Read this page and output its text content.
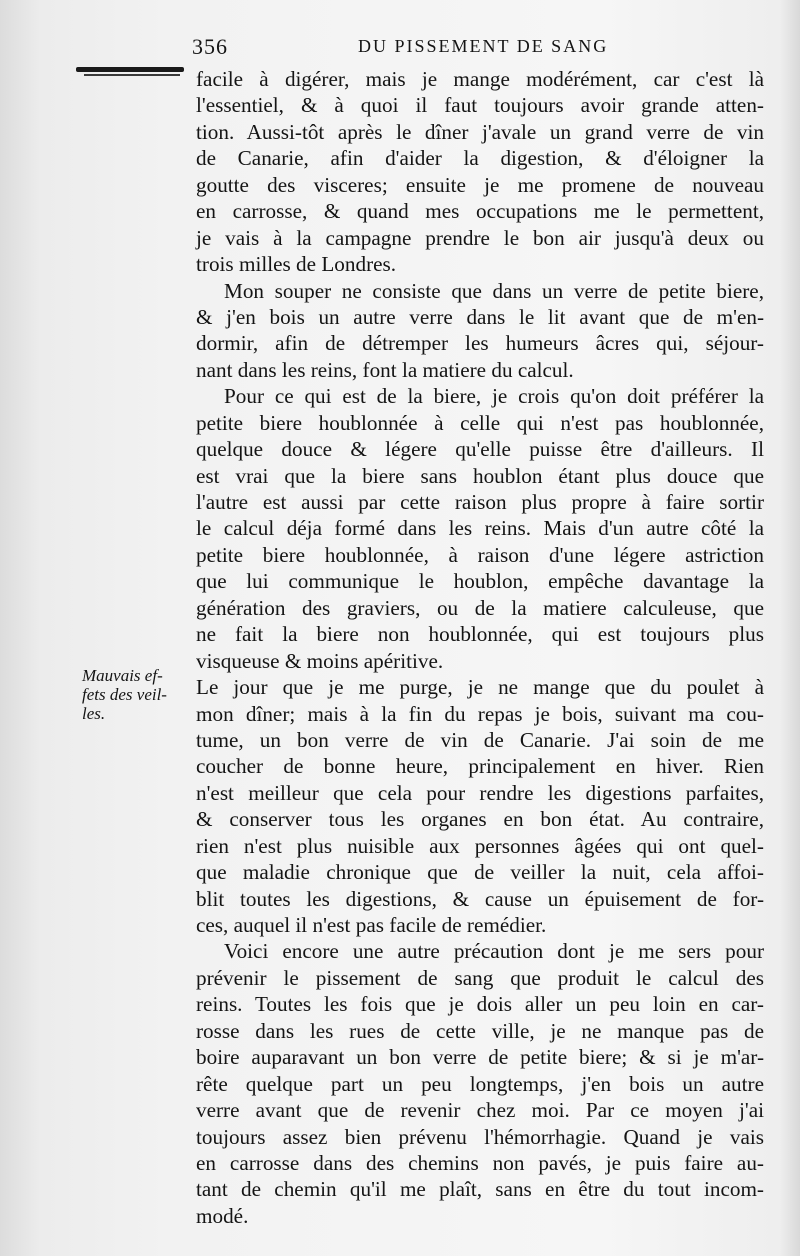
356	DU PISSEMENT DE SANG
Mauvais ef-
fets des veil-
les.
facile à digérer, mais je mange modérément, car c'est là
l'essentiel, & à quoi il faut toujours avoir grande atten-
tion. Aussi-tôt après le dîner j'avale un grand verre de vin
de Canarie, afin d'aider la digestion, & d'éloigner la
goutte des visceres; ensuite je me promene de nouveau
en carrosse, & quand mes occupations me le permettent,
je vais à la campagne prendre le bon air jusqu'à deux ou
trois milles de Londres.
Mon souper ne consiste que dans un verre de petite biere,
& j'en bois un autre verre dans le lit avant que de m'en-
dormir, afin de détremper les humeurs âcres qui, séjour-
nant dans les reins, font la matiere du calcul.
Pour ce qui est de la biere, je crois qu'on doit préférer la
petite biere houblonnée à celle qui n'est pas houblonnée,
quelque douce & légere qu'elle puisse être d'ailleurs. Il
est vrai que la biere sans houblon étant plus douce que
l'autre est aussi par cette raison plus propre à faire sortir
le calcul déja formé dans les reins. Mais d'un autre côté la
petite biere houblonnée, à raison d'une légere astriction
que lui communique le houblon, empêche davantage la
génération des graviers, ou de la matiere calculeuse, que
ne fait la biere non houblonnée, qui est toujours plus
visqueuse & moins apéritive.
Le jour que je me purge, je ne mange que du poulet à
mon dîner; mais à la fin du repas je bois, suivant ma cou-
tume, un bon verre de vin de Canarie. J'ai soin de me
coucher de bonne heure, principalement en hiver. Rien
n'est meilleur que cela pour rendre les digestions parfaites,
& conserver tous les organes en bon état. Au contraire,
rien n'est plus nuisible aux personnes âgées qui ont quel-
que maladie chronique que de veiller la nuit, cela affoi-
blit toutes les digestions, & cause un épuisement de for-
ces, auquel il n'est pas facile de remédier.
Voici encore une autre précaution dont je me sers pour
prévenir le pissement de sang que produit le calcul des
reins. Toutes les fois que je dois aller un peu loin en car-
rosse dans les rues de cette ville, je ne manque pas de
boire auparavant un bon verre de petite biere; & si je m'ar-
rête quelque part un peu longtemps, j'en bois un autre
verre avant que de revenir chez moi. Par ce moyen j'ai
toujours assez bien prévenu l'hémorrhagie. Quand je vais
en carrosse dans des chemins non pavés, je puis faire au-
tant de chemin qu'il me plaît, sans en être du tout incom-
modé.
